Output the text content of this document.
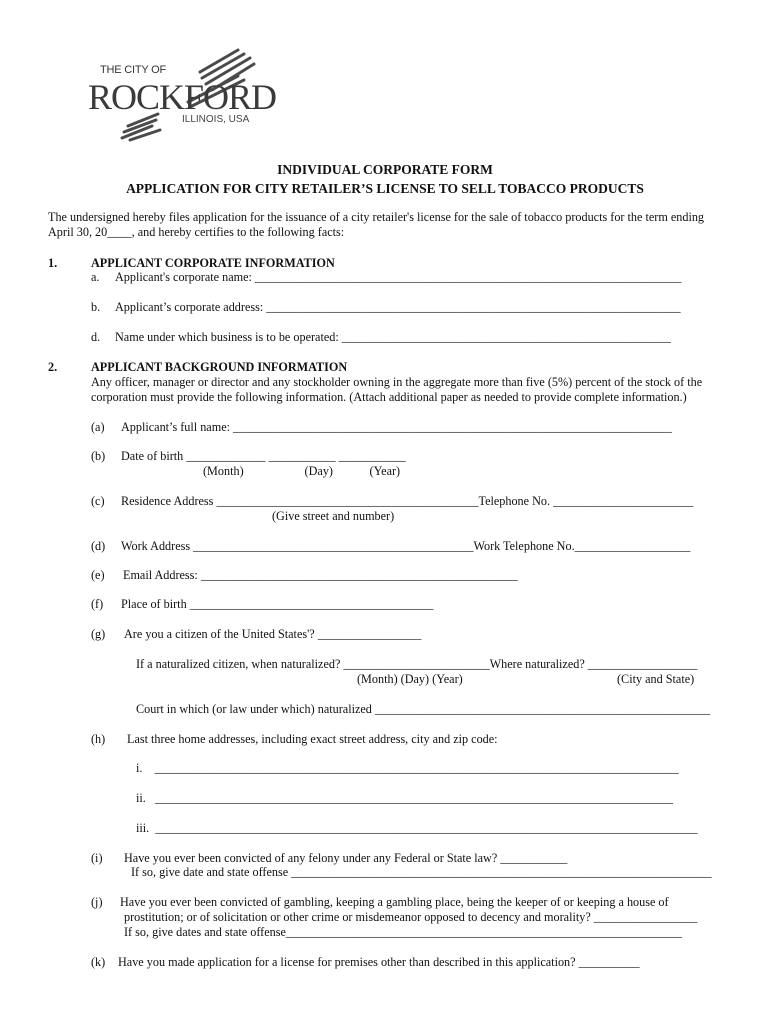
THE CITY OF
ROCKFORD
ILLINOIS, USA
INDIVIDUAL CORPORATE FORM
APPLICATION FOR CITY RETAILER’S LICENSE TO SELL TOBACCO PRODUCTS
The undersigned hereby files application for the issuance of a city retailer's license for the sale of tobacco products for the term ending
April 30, 20____, and hereby certifies to the following facts:
1.	APPLICANT CORPORATE INFORMATION
a. Applicant's corporate name: ______________________________________________________________________
b. Applicant’s corporate address: ____________________________________________________________________
d. Name under which business is to be operated: ______________________________________________________
2.	APPLICANT BACKGROUND INFORMATION
Any officer, manager or director and any stockholder owning in the aggregate more than five (5%) percent of the stock of the
corporation must provide the following information. (Attach additional paper as needed to provide complete information.)
(a) Applicant’s full name: ________________________________________________________________________
(b) Date of birth _____________ ___________ ___________
(Month)                    (Day)            (Year)
(c) Residence Address ___________________________________________Telephone No. _______________________
(Give street and number)
(d) Work Address ______________________________________________Work Telephone No.___________________
(e) Email Address: ____________________________________________________
(f) Place of birth ________________________________________
(g) Are you a citizen of the United States'? _________________
If a naturalized citizen, when naturalized? ________________________Where naturalized? __________________
(Month) (Day) (Year)	(City and State)
Court in which (or law under which) naturalized _______________________________________________________
(h) Last three home addresses, including exact street address, city and zip code:
i.    ______________________________________________________________________________________
ii.   _____________________________________________________________________________________
iii.  _________________________________________________________________________________________
(i) Have you ever been convicted of any felony under any Federal or State law? ___________
If so, give date and state offense _____________________________________________________________________
(j) Have you ever been convicted of gambling, keeping a gambling place, being the keeper of or keeping a house of
prostitution; or of solicitation or other crime or misdemeanor opposed to decency and morality? _________________
If so, give dates and state offense_________________________________________________________________
(k) Have you made application for a license for premises other than described in this application? __________
